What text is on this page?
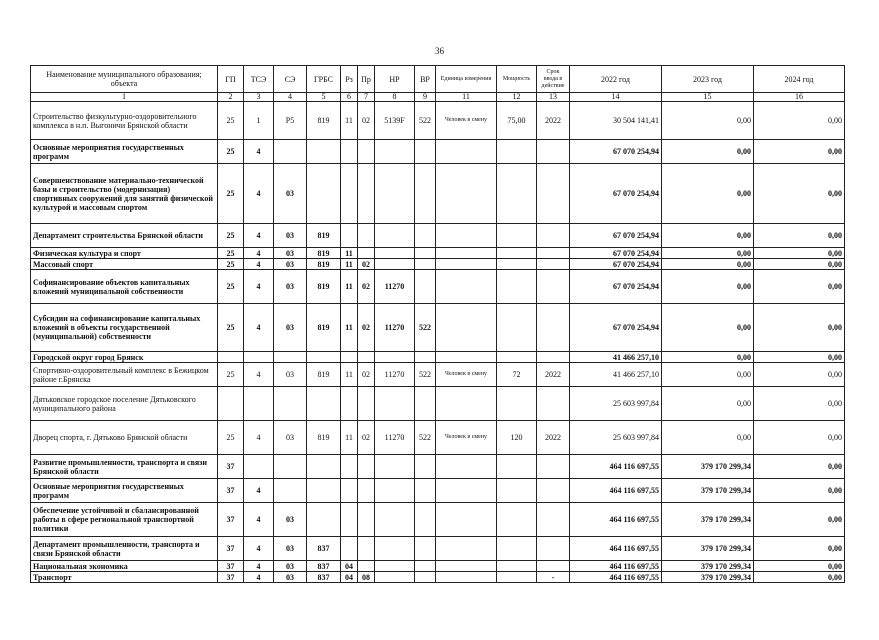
36
Наименование муниципального образования; объекта	ГП	ТСЭ	СЭ	ГРБС	Рз	Пр	НР	ВР	Единица измерения	Мощность	Срок ввода в действие	2022 год	2023 год	2024 год
1	2	3	4	5	6	7	8	9	11	12	13	14	15	16
Строительство физкультурно-оздоровительного комплекса в н.п. Выгоничи Брянской области	25	1	Р5	819	11	02	5139F	522	Человек в смену	75,00	2022	30 504 141,41	0,00	0,00
Основные мероприятия государственных программ	25	4										67 070 254,94	0,00	0,00
Совершенствование материально-технической базы и строительство (модернизация) спортивных сооружений для занятий физической культурой и массовым спортом	25	4	03									67 070 254,94	0,00	0,00
Департамент строительства Брянской области	25	4	03	819								67 070 254,94	0,00	0,00
Физическая культура и спорт	25	4	03	819	11							67 070 254,94	0,00	0,00
Массовый спорт	25	4	03	819	11	02						67 070 254,94	0,00	0,00
Софинансирование объектов капитальных вложений муниципальной собственности	25	4	03	819	11	02	11270					67 070 254,94	0,00	0,00
Субсидии на софинансирование капитальных вложений в объекты государственной (муниципальной) собственности	25	4	03	819	11	02	11270	522				67 070 254,94	0,00	0,00
Городской округ город Брянск												41 466 257,10	0,00	0,00
Спортивно-оздоровительный комплекс в Бежицком районе г.Брянска	25	4	03	819	11	02	11270	522	Человек в смену	72	2022	41 466 257,10	0,00	0,00
Дятьковское городское поселение Дятьковского муниципального района												25 603 997,84	0,00	0,00
Дворец спорта, г. Дятьково Брянской области	25	4	03	819	11	02	11270	522	Человек в смену	120	2022	25 603 997,84	0,00	0,00
Развитие промышленности, транспорта и связи Брянской области	37											464 116 697,55	379 170 299,34	0,00
Основные мероприятия государственных программ	37	4										464 116 697,55	379 170 299,34	0,00
Обеспечение устойчивой и сбалансированной работы в сфере региональной транспортной политики	37	4	03									464 116 697,55	379 170 299,34	0,00
Департамент промышленности, транспорта и связи Брянской области	37	4	03	837								464 116 697,55	379 170 299,34	0,00
Национальная экономика	37	4	03	837	04							464 116 697,55	379 170 299,34	0,00
Транспорт	37	4	03	837	04	08					-	464 116 697,55	379 170 299,34	0,00
